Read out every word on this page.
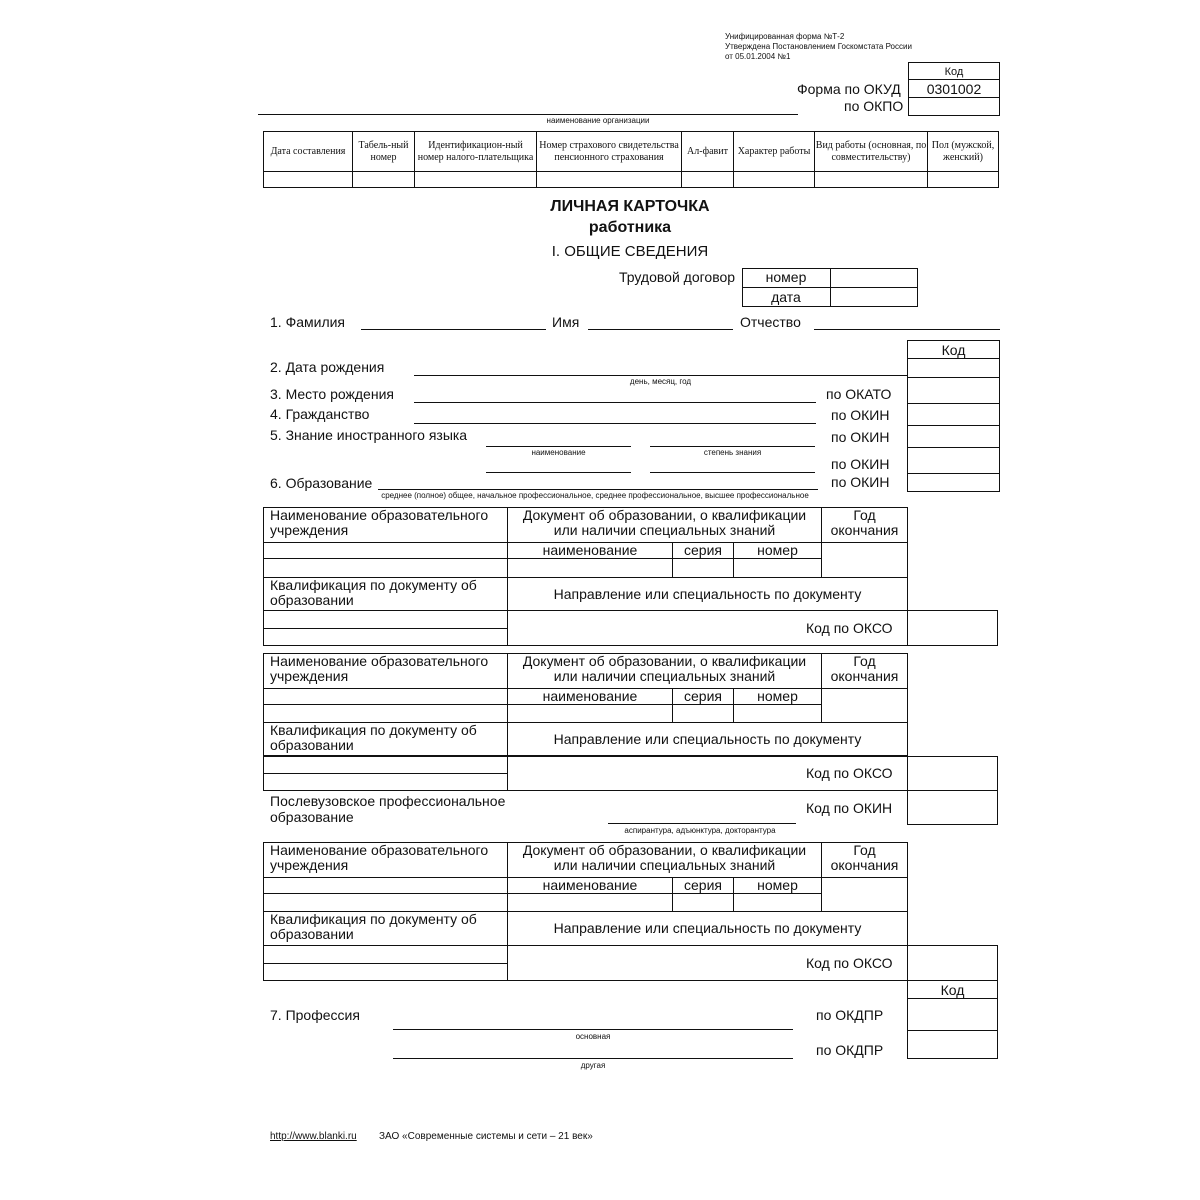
Унифицированная форма №Т-2
Утверждена Постановлением Госкомстата России
от 05.01.2004 №1
Код
Форма по ОКУД	0301002
по ОКПО
наименование организации
Дата составления	Табель-ный номер	Идентификацион-ный номер налого-плательщика	Номер страхового свидетельства пенсионного страхования	Ал-фавит	Характер работы	Вид работы (основная, по совместительству)	Пол (мужской, женский)

ЛИЧНАЯ КАРТОЧКА
работника
I. ОБЩИЕ СВЕДЕНИЯ
Трудовой договор	номер
дата
1. Фамилия	Имя	Отчество
Код
2. Дата рождения
день, месяц, год
3. Место рождения	по ОКАТО
4. Гражданство	по ОКИН
5. Знание иностранного языка	по ОКИН
наименование	степень знания
по ОКИН
6. Образование	по ОКИН
среднее (полное) общее, начальное профессиональное, среднее профессиональное, высшее профессиональное
Наименование образовательного учреждения	Документ об образовании, о квалификации или наличии специальных знаний			Год окончания

	наименование	серия	номер	

Квалификация по документу об образовании	Направление или специальность по документу			
Код по ОКСО
Наименование образовательного учреждения	Документ об образовании, о квалификации или наличии специальных знаний			Год окончания
	наименование	серия	номер	

Квалификация по документу об образовании	Направление или специальность по документу			
Код по ОКСО
Послевузовское профессиональное образование
аспирантура, адъюнктура, докторантура
Код по ОКИН
Наименование образовательного учреждения	Документ об образовании, о квалификации или наличии специальных знаний			Год окончания
	наименование	серия	номер	

Квалификация по документу об образовании	Направление или специальность по документу			
Код по ОКСО
Код
7. Профессия
основная
по ОКДПР
другая
по ОКДПР
http://www.blanki.ru ЗАО «Современные системы и сети – 21 век»
